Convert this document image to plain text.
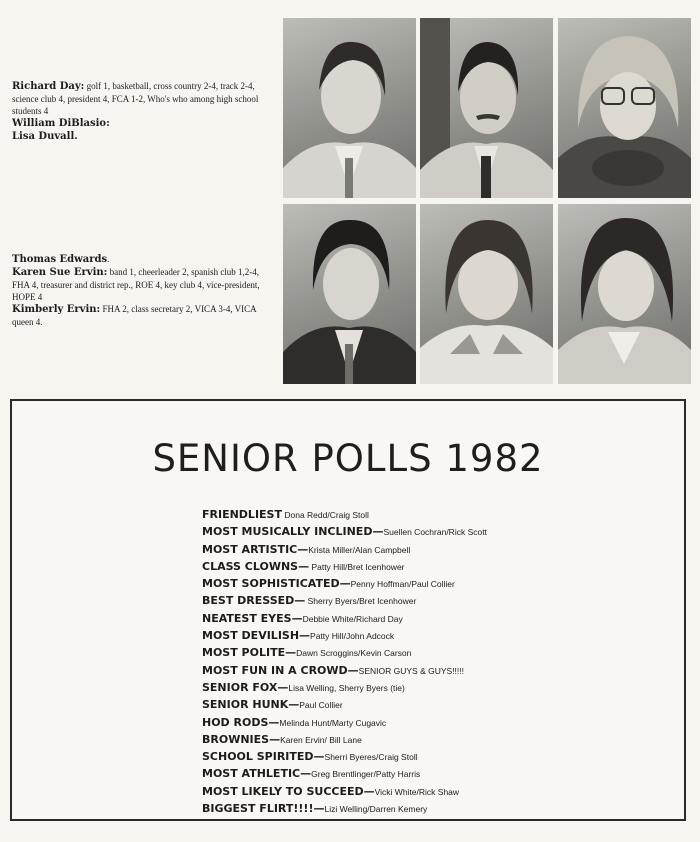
Richard Day: golf 1, basketball, cross country 2-4, track 2-4, science club 4, president 4, FCA 1-2, Who's who among high school students 4

William DiBlasio:

Lisa Duvall.

Thomas Edwards.

Karen Sue Ervin: band 1, cheerleader 2, spanish club 1,2-4, FHA 4, treasurer and district rep., ROE 4, key club 4, vice-president, HOPE 4

Kimberly Ervin: FHA 2, class secretary 2, VICA 3-4, VICA queen 4.

SENIOR POLLS 1982
FRIENDLIEST Dona Redd/Craig Stoll
MOST MUSICALLY INCLINED—Suellen Cochran/Rick Scott
MOST ARTISTIC—Krista Miller/Alan Campbell
CLASS CLOWNS— Patty Hill/Bret Icenhower
MOST SOPHISTICATED—Penny Hoffman/Paul Collier
BEST DRESSED— Sherry Byers/Bret Icenhower
NEATEST EYES—Debbie White/Richard Day
MOST DEVILISH—Patty Hill/John Adcock
MOST POLITE—Dawn Scroggins/Kevin Carson
MOST FUN IN A CROWD—SENIOR GUYS & GUYS!!!!!
SENIOR FOX—Lisa Welling, Sherry Byers (tie)
SENIOR HUNK—Paul Collier
HOD RODS—Melinda Hunt/Marty Cugavic
BROWNIES—Karen Ervin/ Bill Lane
SCHOOL SPIRITED—Sherri Byeres/Craig Stoll
MOST ATHLETIC—Greg Brentlinger/Patty Harris
MOST LIKELY TO SUCCEED—Vicki White/Rick Shaw
BIGGEST FLIRT!!!!—Lizi Welling/Darren Kemery
